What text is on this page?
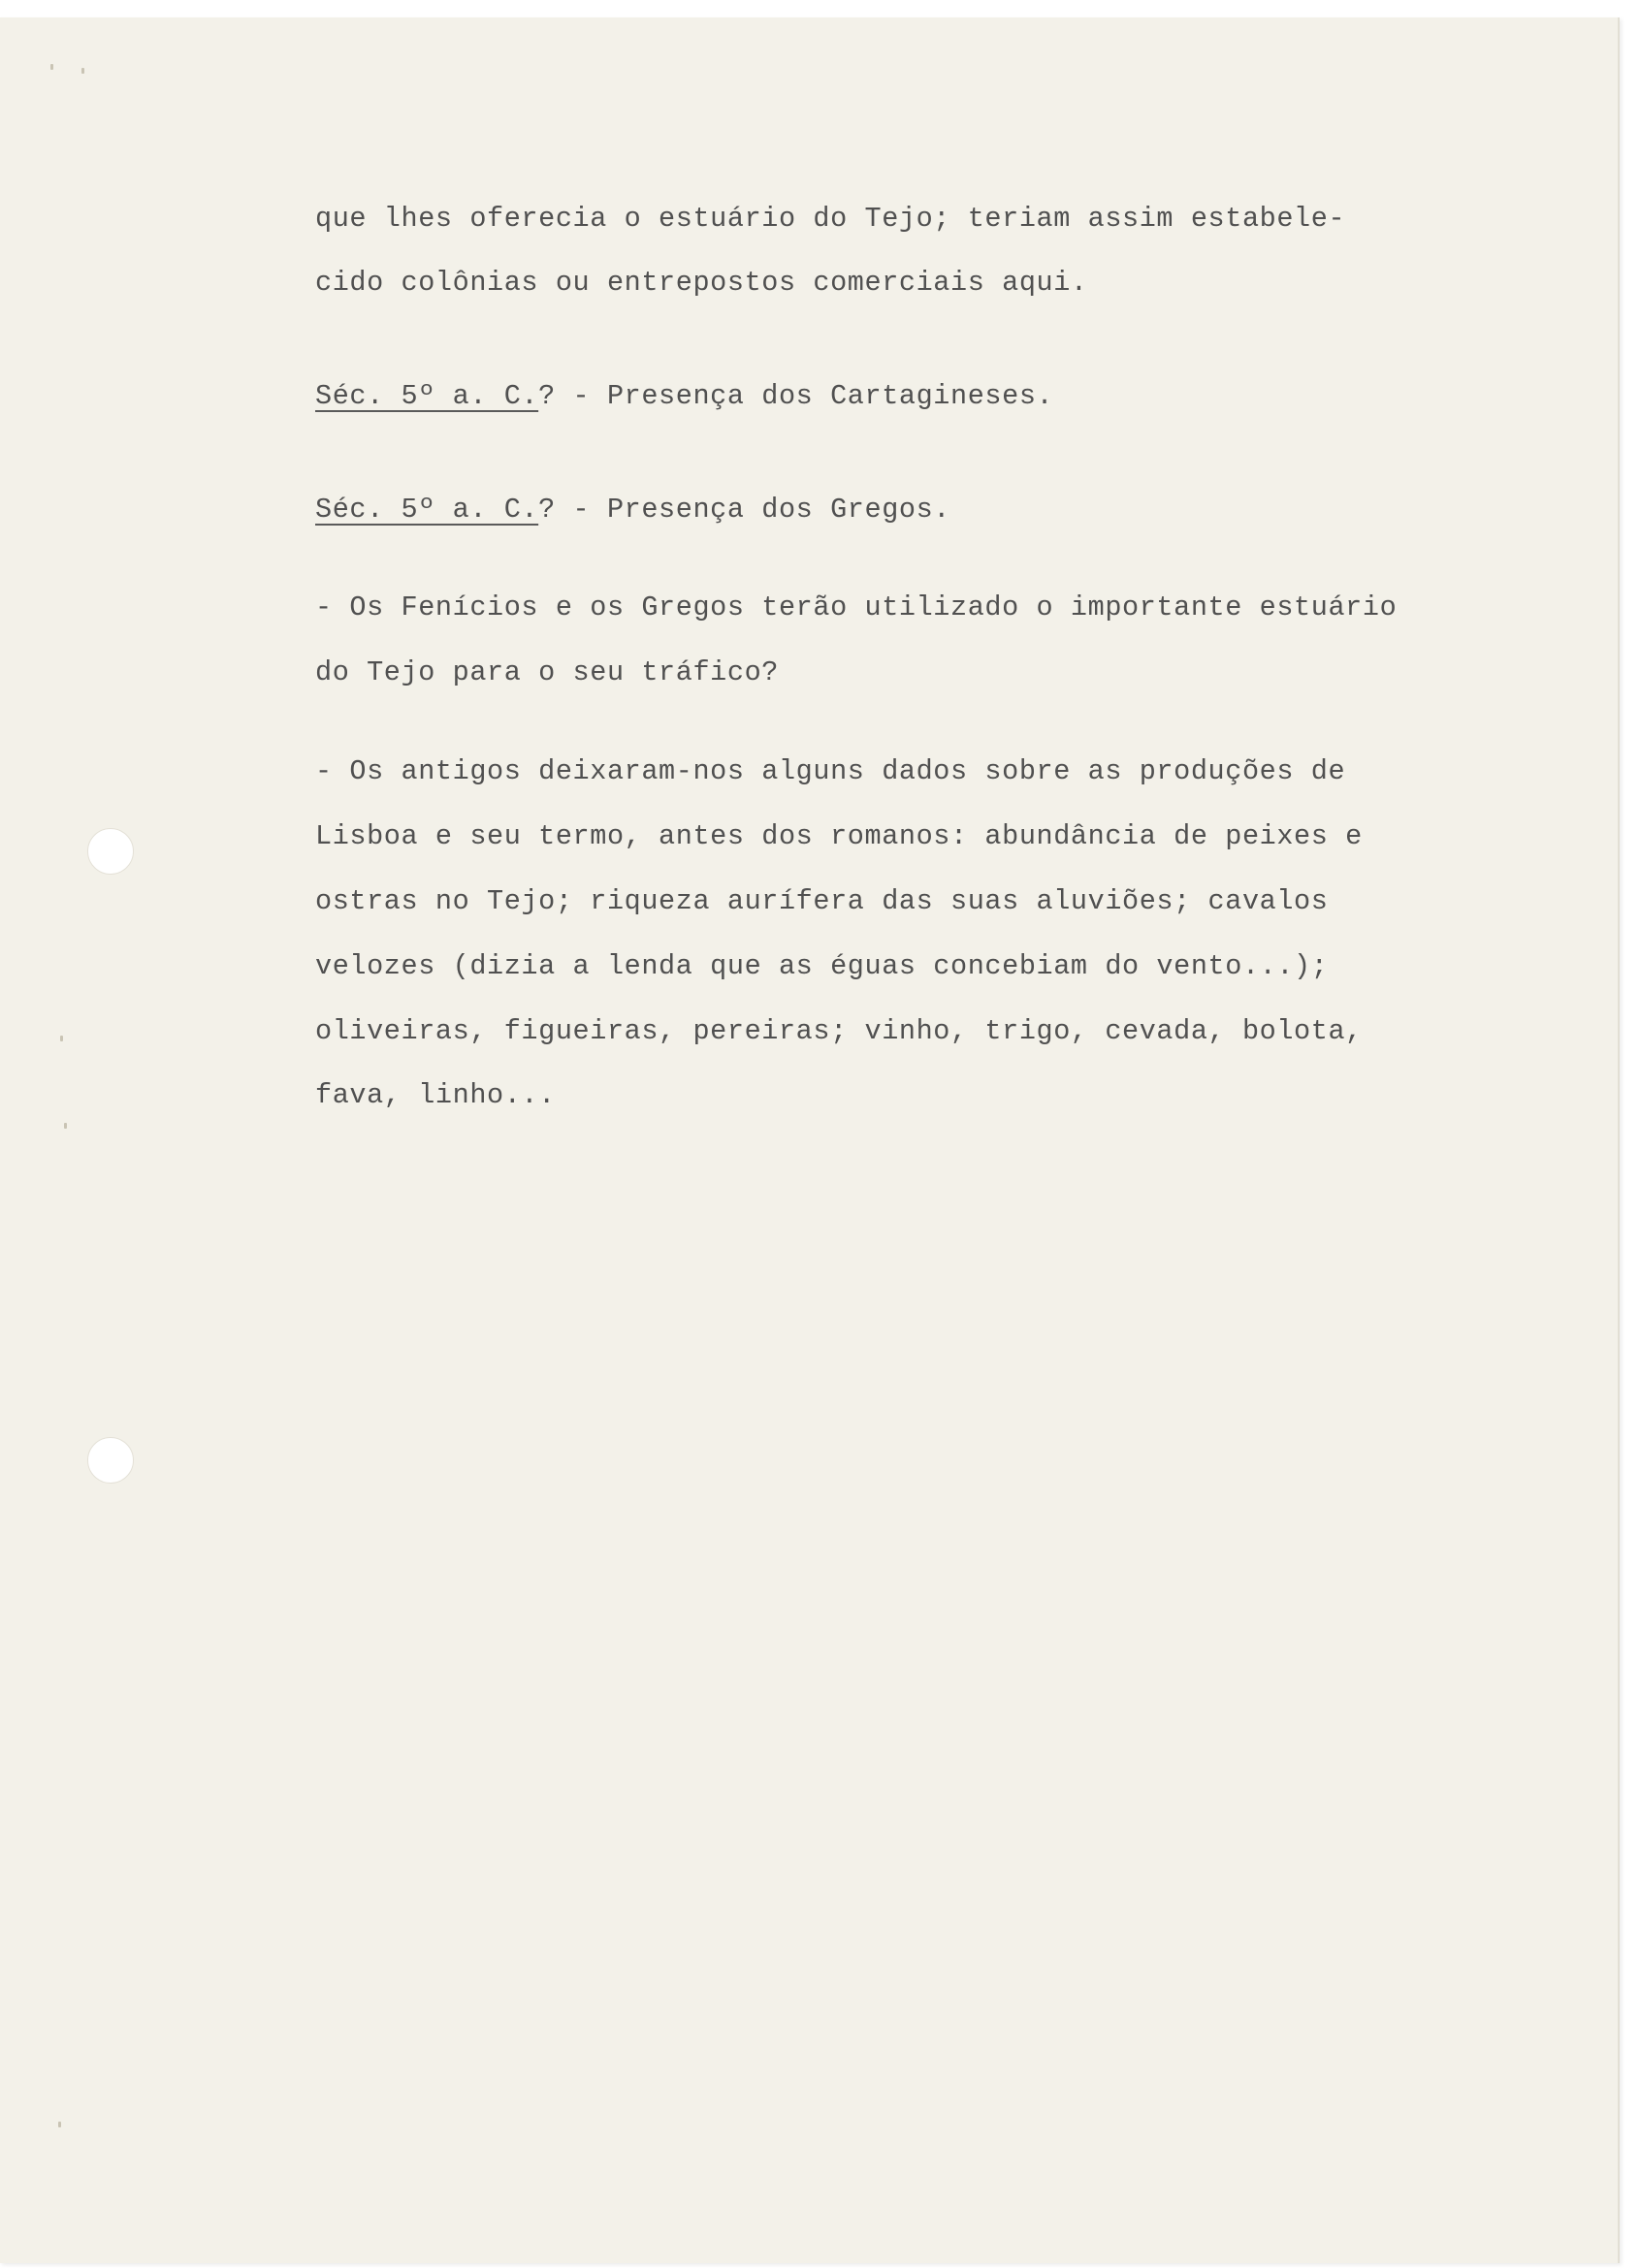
que lhes oferecia o estuário do Tejo; teriam assim estabele-
cido colônias ou entrepostos comerciais aqui.
Séc. 5º a. C.? - Presença dos Cartagineses.
Séc. 5º a. C.? - Presença dos Gregos.
- Os Fenícios e os Gregos terão utilizado o importante estuário
do Tejo para o seu tráfico?
- Os antigos deixaram-nos alguns dados sobre as produções de
Lisboa e seu termo, antes dos romanos: abundância de peixes e
ostras no Tejo; riqueza aurífera das suas aluviões; cavalos
velozes (dizia a lenda que as éguas concebiam do vento...);
oliveiras, figueiras, pereiras; vinho, trigo, cevada, bolota,
fava, linho...
